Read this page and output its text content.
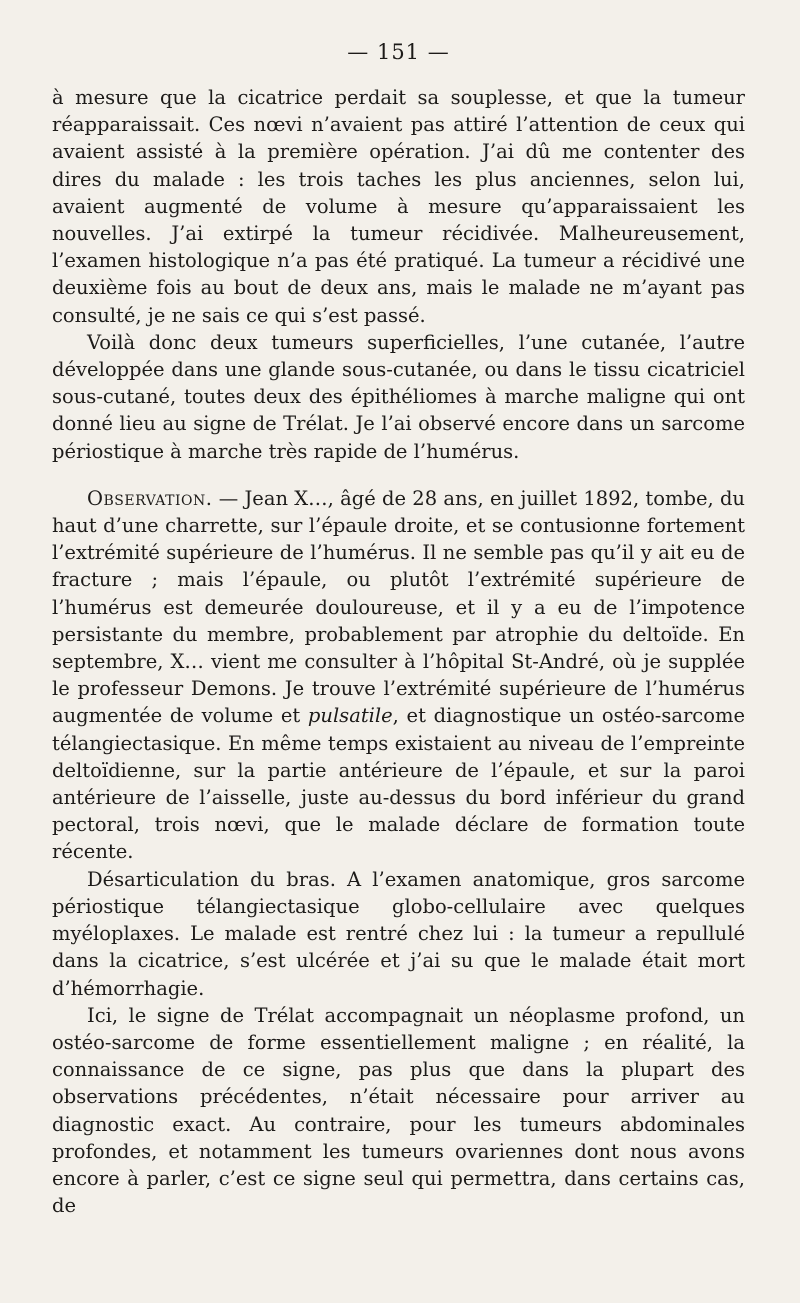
— 151 —

à mesure que la cicatrice perdait sa souplesse, et que la tumeur réapparaissait. Ces nœvi n’avaient pas attiré l’attention de ceux qui avaient assisté à la première opération. J’ai dû me contenter des dires du malade : les trois taches les plus anciennes, selon lui, avaient augmenté de volume à mesure qu’apparaissaient les nouvelles. J’ai extirpé la tumeur récidivée. Malheureusement, l’examen histologique n’a pas été pratiqué. La tumeur a récidivé une deuxième fois au bout de deux ans, mais le malade ne m’ayant pas consulté, je ne sais ce qui s’est passé.

Voilà donc deux tumeurs superficielles, l’une cutanée, l’autre développée dans une glande sous-cutanée, ou dans le tissu cicatriciel sous-cutané, toutes deux des épithéliomes à marche maligne qui ont donné lieu au signe de Trélat. Je l’ai observé encore dans un sarcome périostique à marche très rapide de l’humérus.

Observation. — Jean X…, âgé de 28 ans, en juillet 1892, tombe, du haut d’une charrette, sur l’épaule droite, et se contusionne fortement l’extrémité supérieure de l’humérus. Il ne semble pas qu’il y ait eu de fracture ; mais l’épaule, ou plutôt l’extrémité supérieure de l’humérus est demeurée douloureuse, et il y a eu de l’impotence persistante du membre, probablement par atrophie du deltoïde. En septembre, X… vient me consulter à l’hôpital St-André, où je supplée le professeur Demons. Je trouve l’extrémité supérieure de l’humérus augmentée de volume et pulsatile, et diagnostique un ostéo-sarcome télangiectasique. En même temps existaient au niveau de l’empreinte deltoïdienne, sur la partie antérieure de l’épaule, et sur la paroi antérieure de l’aisselle, juste au-dessus du bord inférieur du grand pectoral, trois nœvi, que le malade déclare de formation toute récente.

Désarticulation du bras. A l’examen anatomique, gros sarcome périostique télangiectasique globo-cellulaire avec quelques myéloplaxes. Le malade est rentré chez lui : la tumeur a repullulé dans la cicatrice, s’est ulcérée et j’ai su que le malade était mort d’hémorrhagie.

Ici, le signe de Trélat accompagnait un néoplasme profond, un ostéo-sarcome de forme essentiellement maligne ; en réalité, la connaissance de ce signe, pas plus que dans la plupart des observations précédentes, n’était nécessaire pour arriver au diagnostic exact. Au contraire, pour les tumeurs abdominales profondes, et notamment les tumeurs ovariennes dont nous avons encore à parler, c’est ce signe seul qui permettra, dans certains cas, de
